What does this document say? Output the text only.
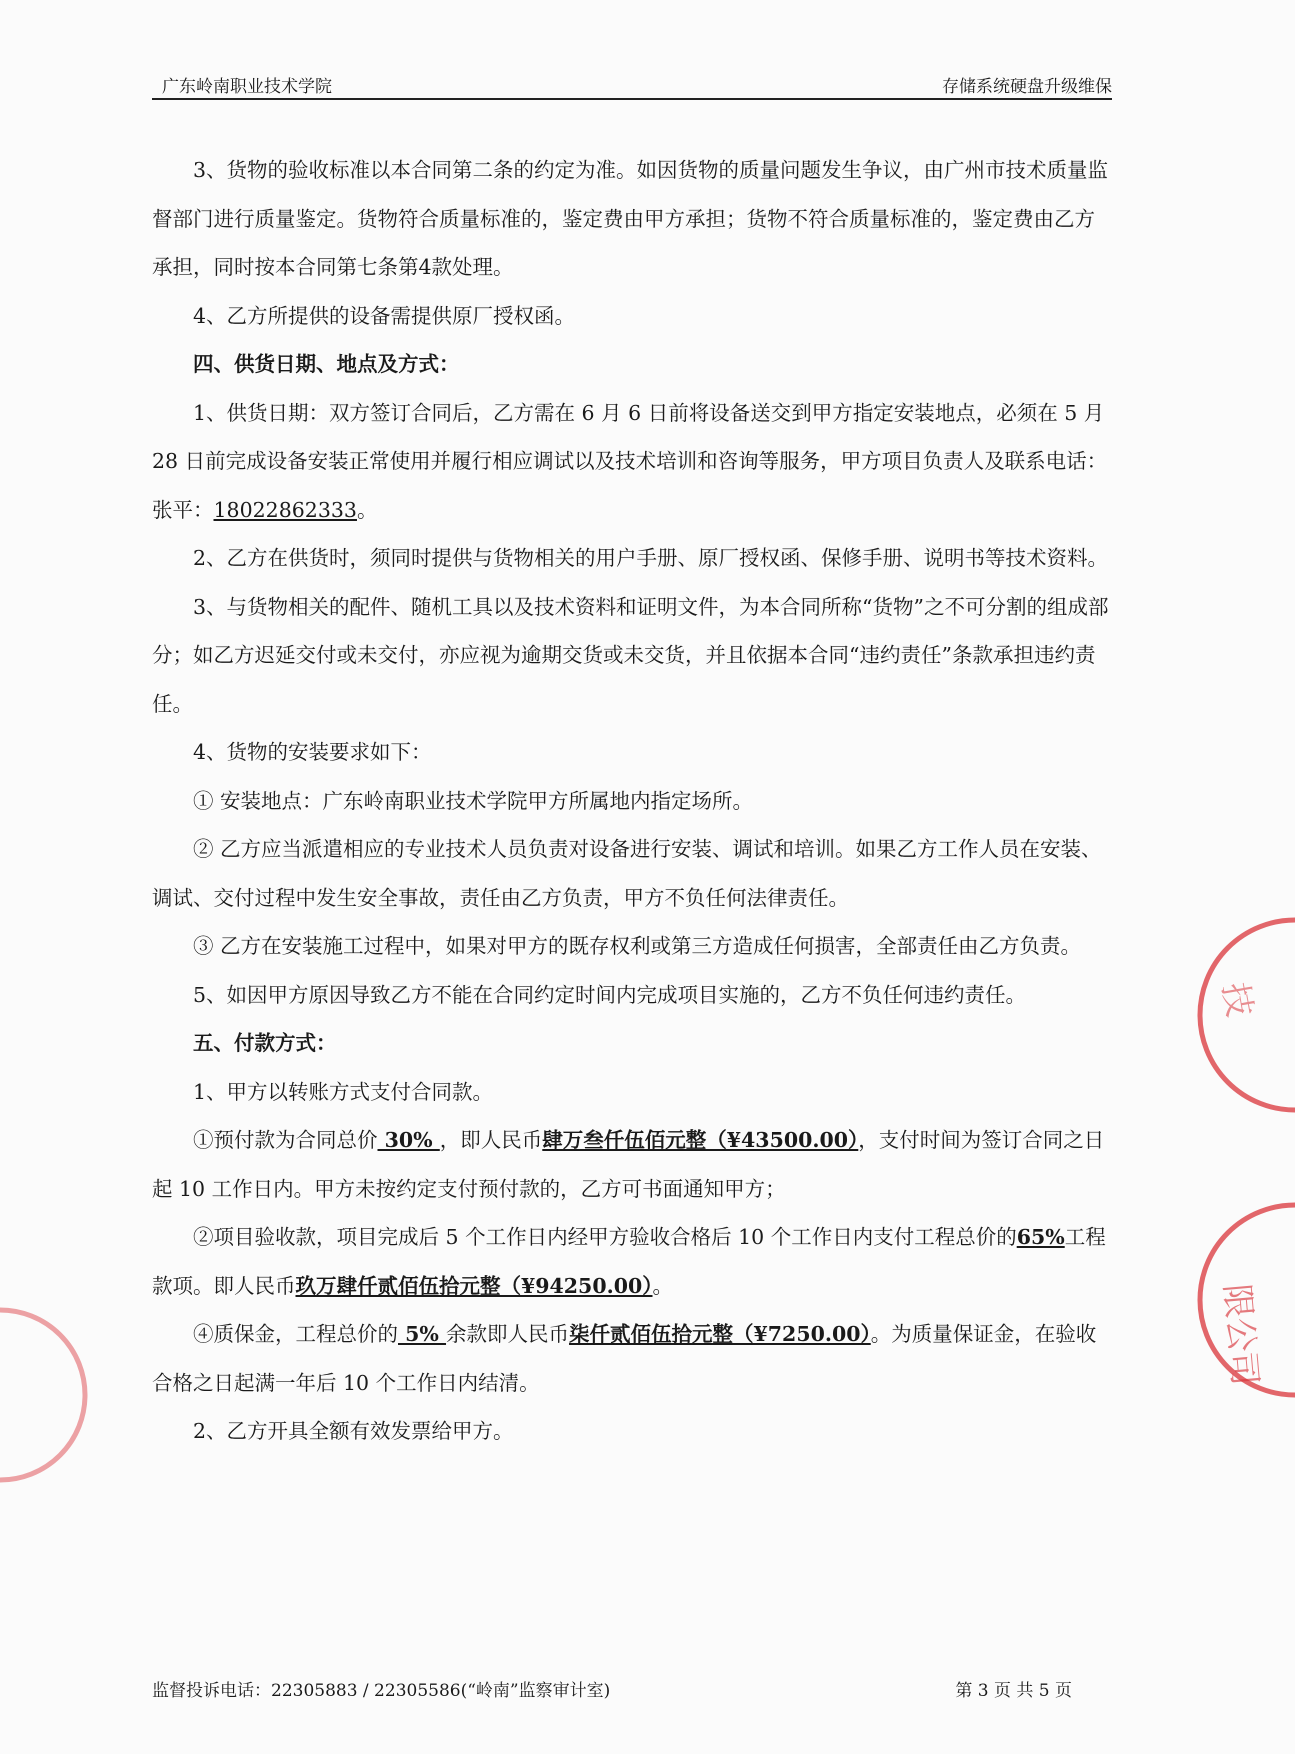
广东岭南职业技术学院	存储系统硬盘升级维保

3、货物的验收标准以本合同第二条的约定为准。如因货物的质量问题发生争议，由广州市技术质量监督部门进行质量鉴定。货物符合质量标准的，鉴定费由甲方承担；货物不符合质量标准的，鉴定费由乙方承担，同时按本合同第七条第4款处理。

4、乙方所提供的设备需提供原厂授权函。

四、供货日期、地点及方式：

1、供货日期：双方签订合同后，乙方需在 6 月 6 日前将设备送交到甲方指定安装地点，必须在 5 月 28 日前完成设备安装正常使用并履行相应调试以及技术培训和咨询等服务，甲方项目负责人及联系电话：张平：18022862333。

2、乙方在供货时，须同时提供与货物相关的用户手册、原厂授权函、保修手册、说明书等技术资料。

3、与货物相关的配件、随机工具以及技术资料和证明文件，为本合同所称“货物”之不可分割的组成部分；如乙方迟延交付或未交付，亦应视为逾期交货或未交货，并且依据本合同“违约责任”条款承担违约责任。

4、货物的安装要求如下：

① 安装地点：广东岭南职业技术学院甲方所属地内指定场所。

② 乙方应当派遣相应的专业技术人员负责对设备进行安装、调试和培训。如果乙方工作人员在安装、调试、交付过程中发生安全事故，责任由乙方负责，甲方不负任何法律责任。

③ 乙方在安装施工过程中，如果对甲方的既存权利或第三方造成任何损害，全部责任由乙方负责。

5、如因甲方原因导致乙方不能在合同约定时间内完成项目实施的，乙方不负任何违约责任。

五、付款方式：

1、甲方以转账方式支付合同款。

①预付款为合同总价 30% ，即人民币肆万叁仟伍佰元整（¥43500.00），支付时间为签订合同之日起 10 工作日内。甲方未按约定支付预付款的，乙方可书面通知甲方；

②项目验收款，项目完成后 5 个工作日内经甲方验收合格后 10 个工作日内支付工程总价的65%工程款项。即人民币玖万肆仟贰佰伍拾元整（¥94250.00）。

④质保金，工程总价的 5% 余款即人民币柒仟贰佰伍拾元整（¥7250.00）。为质量保证金，在验收合格之日起满一年后 10 个工作日内结清。

2、乙方开具全额有效发票给甲方。

监督投诉电话：22305883 / 22305586(“岭南”监察审计室)	第 3 页 共 5 页
技
限公司
